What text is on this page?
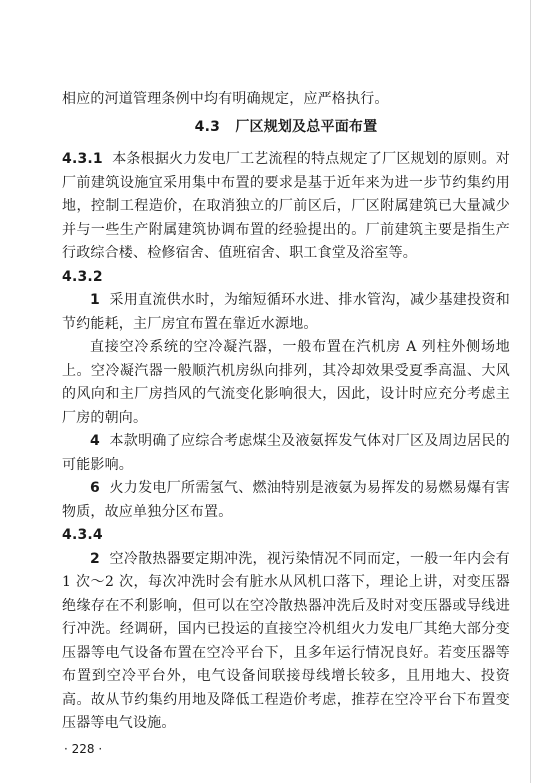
相应的河道管理条例中均有明确规定，应严格执行。

4.3 厂区规划及总平面布置

4.3.1 本条根据火力发电厂工艺流程的特点规定了厂区规划的原则。对厂前建筑设施宜采用集中布置的要求是基于近年来为进一步节约集约用地，控制工程造价，在取消独立的厂前区后，厂区附属建筑已大量减少并与一些生产附属建筑协调布置的经验提出的。厂前建筑主要是指生产行政综合楼、检修宿舍、值班宿舍、职工食堂及浴室等。

4.3.2

1 采用直流供水时，为缩短循环水进、排水管沟，减少基建投资和节约能耗，主厂房宜布置在靠近水源地。

直接空冷系统的空冷凝汽器，一般布置在汽机房 A 列柱外侧场地上。空冷凝汽器一般顺汽机房纵向排列，其冷却效果受夏季高温、大风的风向和主厂房挡风的气流变化影响很大，因此，设计时应充分考虑主厂房的朝向。

4 本款明确了应综合考虑煤尘及液氨挥发气体对厂区及周边居民的可能影响。

6 火力发电厂所需氢气、燃油特别是液氨为易挥发的易燃易爆有害物质，故应单独分区布置。

4.3.4

2 空冷散热器要定期冲洗，视污染情况不同而定，一般一年内会有 1 次～2 次，每次冲洗时会有脏水从风机口落下，理论上讲，对变压器绝缘存在不利影响，但可以在空冷散热器冲洗后及时对变压器或导线进行冲洗。经调研，国内已投运的直接空冷机组火力发电厂其绝大部分变压器等电气设备布置在空冷平台下，且多年运行情况良好。若变压器等布置到空冷平台外，电气设备间联接母线增长较多，且用地大、投资高。故从节约集约用地及降低工程造价考虑，推荐在空冷平台下布置变压器等电气设施。

· 228 ·
